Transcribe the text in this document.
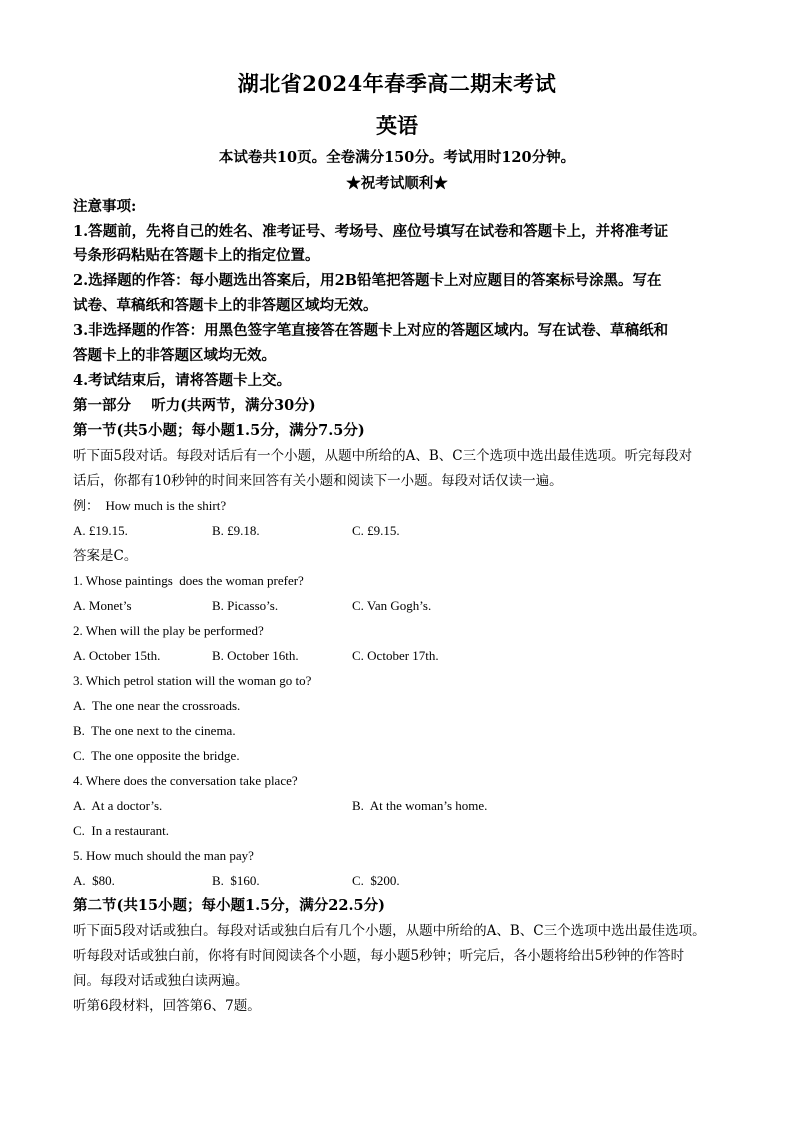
湖北省2024年春季高二期末考试
英语
本试卷共10页。全卷满分150分。考试用时120分钟。
★祝考试顺利★
注意事项:
1.答题前，先将自己的姓名、准考证号、考场号、座位号填写在试卷和答题卡上，并将准考证
号条形码粘贴在答题卡上的指定位置。
2.选择题的作答：每小题选出答案后，用2B铅笔把答题卡上对应题目的答案标号涂黑。写在
试卷、草稿纸和答题卡上的非答题区域均无效。
3.非选择题的作答：用黑色签字笔直接答在答题卡上对应的答题区域内。写在试卷、草稿纸和
答题卡上的非答题区域均无效。
4.考试结束后，请将答题卡上交。
第一部分    听力(共两节，满分30分)
第一节(共5小题；每小题1.5分，满分7.5分)
听下面5段对话。每段对话后有一个小题，从题中所给的A、B、C三个选项中选出最佳选项。听完每段对
话后，你都有10秒钟的时间来回答有关小题和阅读下一小题。每段对话仅读一遍。
例：  How much is the shirt?
A. £19.15.	B. £9.18.	C. £9.15.
答案是C。
1. Whose paintings  does the woman prefer?
A. Monet’s	B. Picasso’s.	C. Van Gogh’s.
2. When will the play be performed?
A. October 15th.	B. October 16th.	C. October 17th.
3. Which petrol station will the woman go to?
A.  The one near the crossroads.
B.  The one next to the cinema.
C.  The one opposite the bridge.
4. Where does the conversation take place?
A.  At a doctor’s.	B.  At the woman’s home.
C.  In a restaurant.
5. How much should the man pay?
A.  $80.	B.  $160.	C.  $200.
第二节(共15小题；每小题1.5分，满分22.5分)
听下面5段对话或独白。每段对话或独白后有几个小题，从题中所给的A、B、C三个选项中选出最佳选项。
听每段对话或独白前，你将有时间阅读各个小题，每小题5秒钟；听完后，各小题将给出5秒钟的作答时
间。每段对话或独白读两遍。
听第6段材料，回答第6、7题。
